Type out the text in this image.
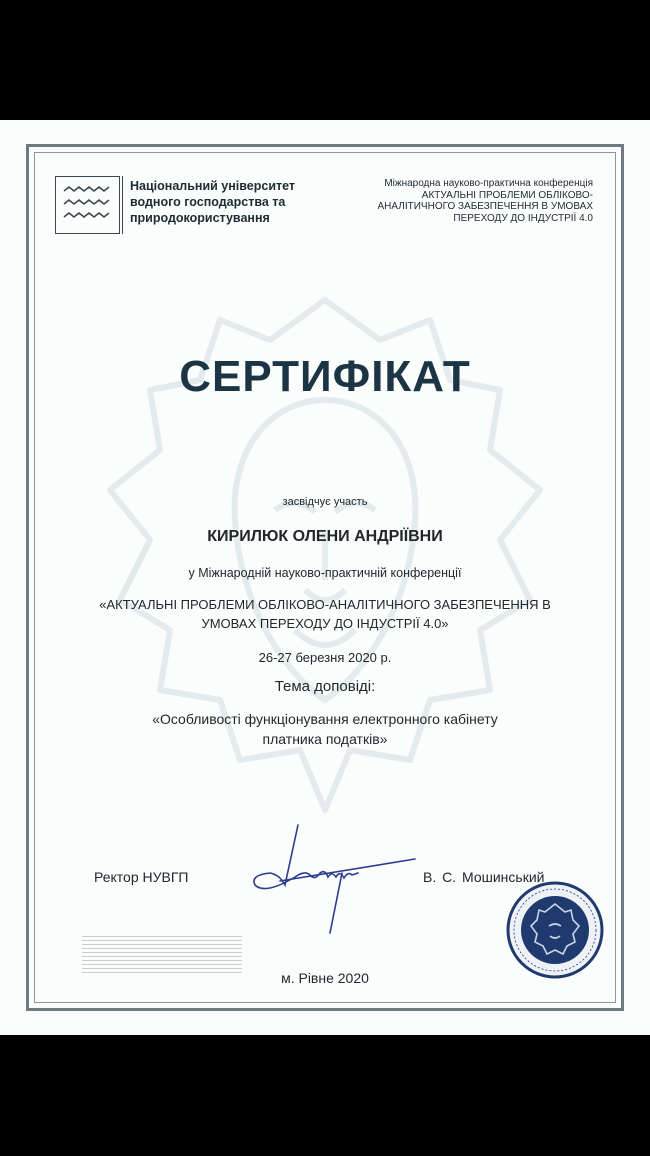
Національний університет
водного господарства та
природокористування
Міжнародна науково-практична конференція
АКТУАЛЬНІ ПРОБЛЕМИ ОБЛІКОВО-
АНАЛІТИЧНОГО ЗАБЕЗПЕЧЕННЯ В УМОВАХ
ПЕРЕХОДУ ДО ІНДУСТРІЇ 4.0
СЕРТИФІКАТ
засвідчує участь
КИРИЛЮК ОЛЕНИ АНДРІЇВНИ
у Міжнародній науково-практичній конференції
«АКТУАЛЬНІ ПРОБЛЕМИ ОБЛІКОВО-АНАЛІТИЧНОГО ЗАБЕЗПЕЧЕННЯ В
УМОВАХ ПЕРЕХОДУ ДО ІНДУСТРІЇ 4.0»
26-27 березня 2020 р.
Тема доповіді:
«Особливості функціонування електронного кабінету
платника податків»
Ректор НУВГП	В. С. Мошинський
м. Рівне 2020
